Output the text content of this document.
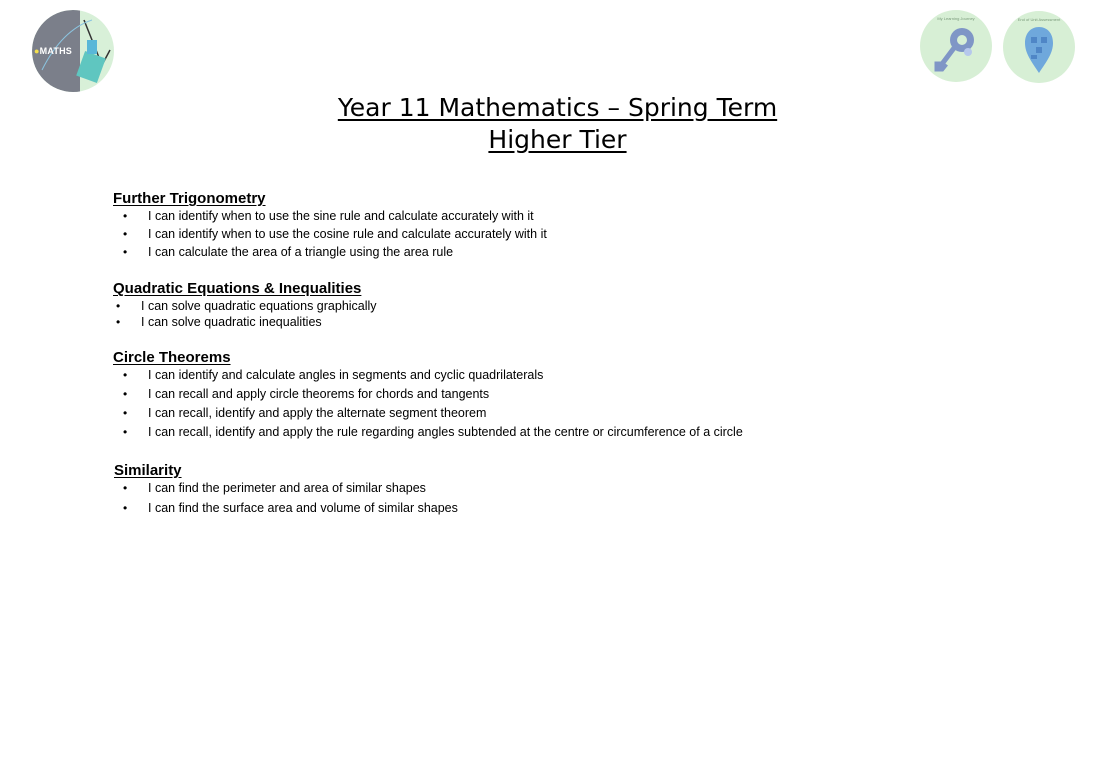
●MATHS
My Learning Journey	End of Unit Assessment
Year 11 Mathematics – Spring Term
Higher Tier
Further Trigonometry
• I can identify when to use the sine rule and calculate accurately with it
• I can identify when to use the cosine rule and calculate accurately with it
• I can calculate the area of a triangle using the area rule
Quadratic Equations & Inequalities
• I can solve quadratic equations graphically
• I can solve quadratic inequalities
Circle Theorems
• I can identify and calculate angles in segments and cyclic quadrilaterals
• I can recall and apply circle theorems for chords and tangents
• I can recall, identify and apply the alternate segment theorem
• I can recall, identify and apply the rule regarding angles subtended at the centre or circumference of a circle
Similarity
• I can find the perimeter and area of similar shapes
• I can find the surface area and volume of similar shapes
